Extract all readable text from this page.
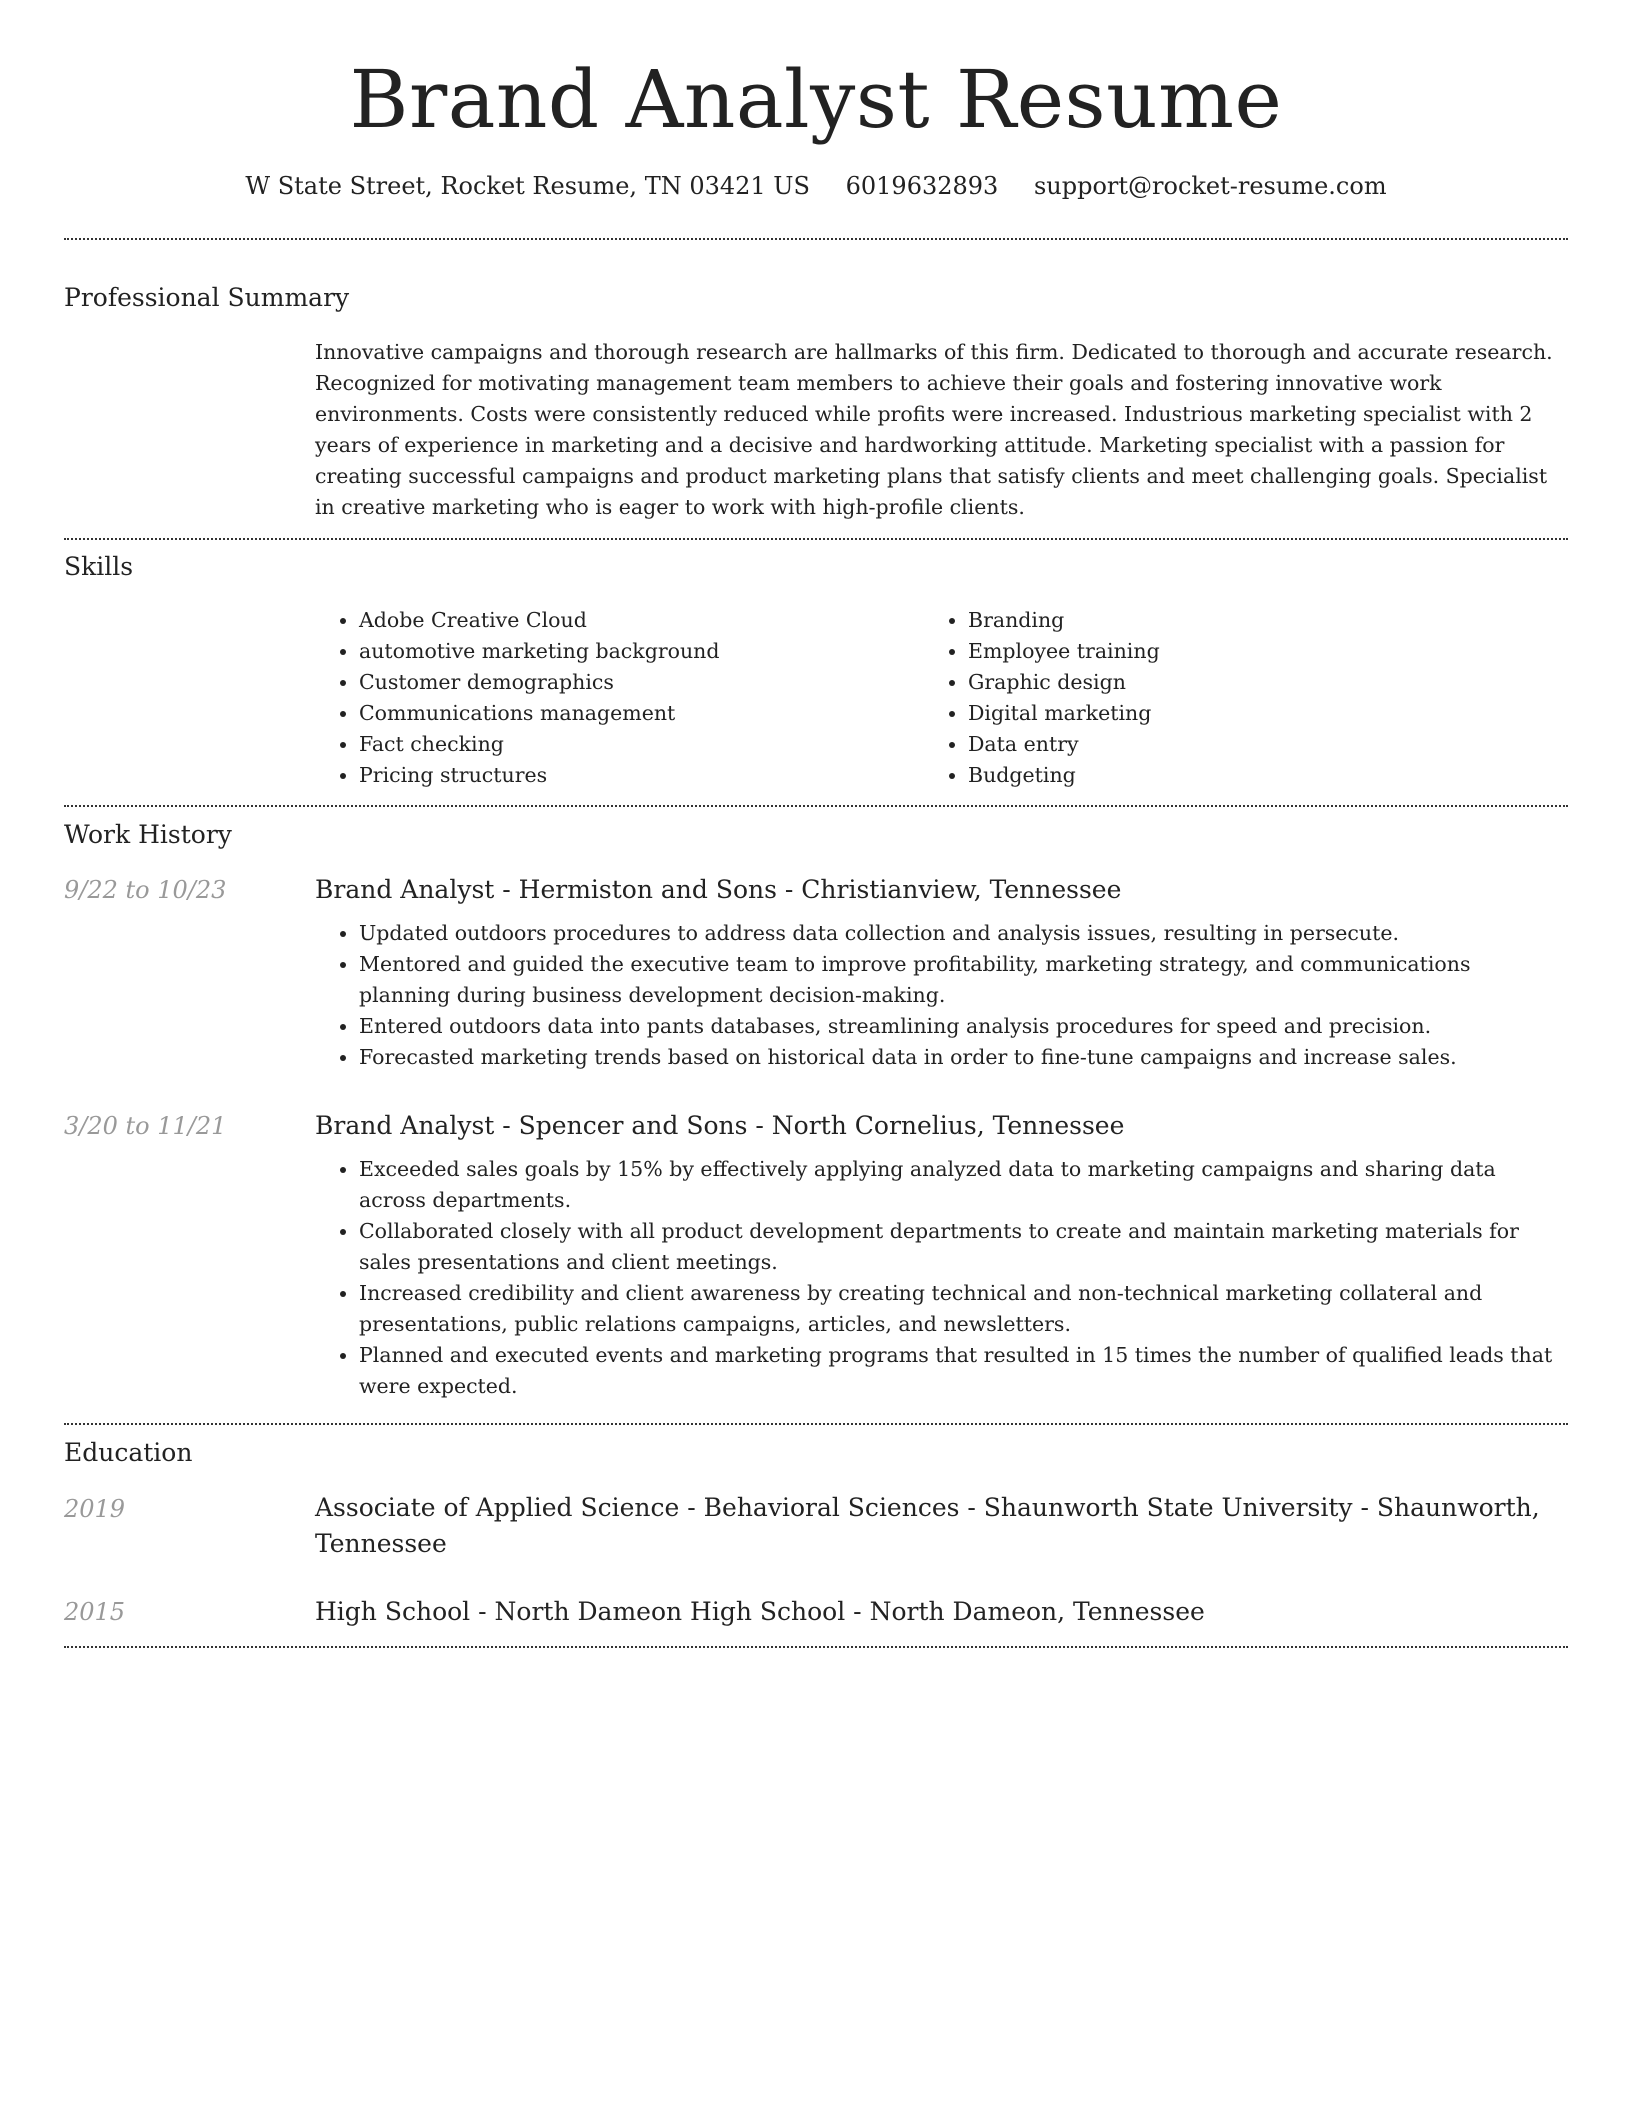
Brand Analyst Resume
W State Street, Rocket Resume, TN 03421 US 6019632893 support@rocket-resume.com
Professional Summary

Innovative campaigns and thorough research are hallmarks of this firm. Dedicated to thorough and accurate research. Recognized for motivating management team members to achieve their goals and fostering innovative work environments. Costs were consistently reduced while profits were increased. Industrious marketing specialist with 2 years of experience in marketing and a decisive and hardworking attitude. Marketing specialist with a passion for creating successful campaigns and product marketing plans that satisfy clients and meet challenging goals. Specialist in creative marketing who is eager to work with high-profile clients.

Skills
• Adobe Creative Cloud
• automotive marketing background
• Customer demographics
• Communications management
• Fact checking
• Pricing structures
• Branding
• Employee training
• Graphic design
• Digital marketing
• Data entry
• Budgeting
Work History
9/22 to 10/23	Brand Analyst - Hermiston and Sons - Christianview, Tennessee
• Updated outdoors procedures to address data collection and analysis issues, resulting in persecute.
• Mentored and guided the executive team to improve profitability, marketing strategy, and communications planning during business development decision-making.
• Entered outdoors data into pants databases, streamlining analysis procedures for speed and precision.
• Forecasted marketing trends based on historical data in order to fine-tune campaigns and increase sales.
3/20 to 11/21	Brand Analyst - Spencer and Sons - North Cornelius, Tennessee
• Exceeded sales goals by 15% by effectively applying analyzed data to marketing campaigns and sharing data across departments.
• Collaborated closely with all product development departments to create and maintain marketing materials for sales presentations and client meetings.
• Increased credibility and client awareness by creating technical and non-technical marketing collateral and presentations, public relations campaigns, articles, and newsletters.
• Planned and executed events and marketing programs that resulted in 15 times the number of qualified leads that were expected.
Education
2019	Associate of Applied Science - Behavioral Sciences - Shaunworth State University - Shaunworth, Tennessee
2015	High School - North Dameon High School - North Dameon, Tennessee
